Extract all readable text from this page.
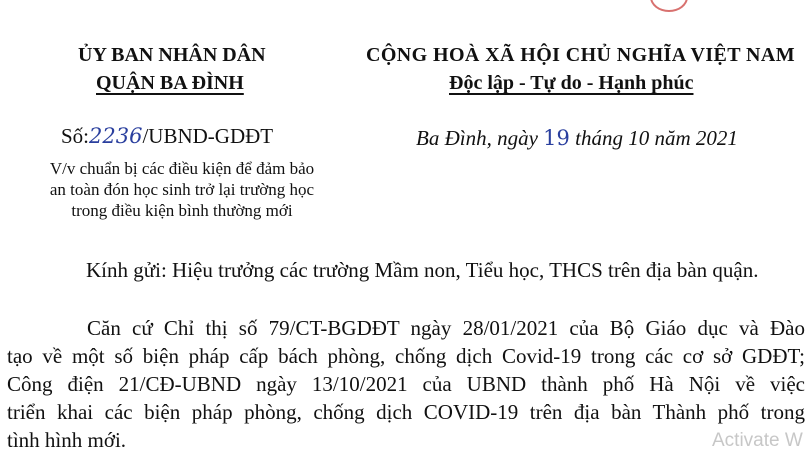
ỦY BAN NHÂN DÂN
QUẬN BA ĐÌNH
CỘNG HOÀ XÃ HỘI CHỦ NGHĨA VIỆT NAM
Độc lập - Tự do - Hạnh phúc
Số:2236/UBND-GDĐT	Ba Đình, ngày 19 tháng 10 năm 2021
V/v chuẩn bị các điều kiện để đảm bảo
an toàn đón học sinh trở lại trường học
trong điều kiện bình thường mới
Kính gửi: Hiệu trưởng các trường Mầm non, Tiểu học, THCS trên địa bàn quận.
Căn cứ Chỉ thị số 79/CT-BGDĐT ngày 28/01/2021 của Bộ Giáo dục và Đào
tạo về một số biện pháp cấp bách phòng, chống dịch Covid-19 trong các cơ sở GDĐT;
Công điện 21/CĐ-UBND ngày 13/10/2021 của UBND thành phố Hà Nội về việc
triển khai các biện pháp phòng, chống dịch COVID-19 trên địa bàn Thành phố trong
tình hình mới.	Activate W
